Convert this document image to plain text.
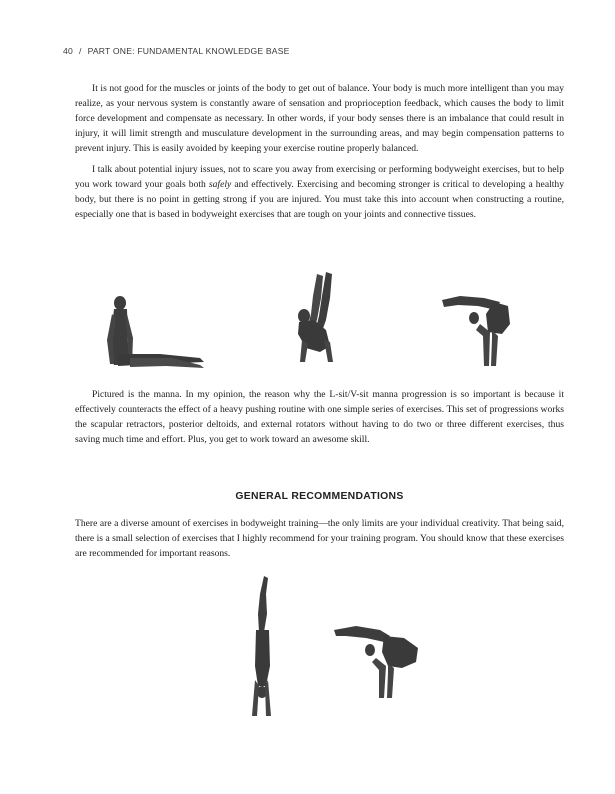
40 / PART ONE: FUNDAMENTAL KNOWLEDGE BASE

It is not good for the muscles or joints of the body to get out of balance. Your body is much more intelligent than you may realize, as your nervous system is constantly aware of sensation and proprioception feedback, which causes the body to limit force development and compensate as necessary. In other words, if your body senses there is an imbalance that could result in injury, it will limit strength and musculature development in the surrounding areas, and may begin compensation patterns to prevent injury. This is easily avoided by keeping your exercise routine properly balanced.

I talk about potential injury issues, not to scare you away from exercising or performing bodyweight exercises, but to help you work toward your goals both safely and effectively. Exercising and becoming stronger is critical to developing a healthy body, but there is no point in getting strong if you are injured. You must take this into account when constructing a routine, especially one that is based in bodyweight exercises that are tough on your joints and connective tissues.

Pictured is the manna. In my opinion, the reason why the L-sit/V-sit manna progression is so important is because it effectively counteracts the effect of a heavy pushing routine with one simple series of exercises. This set of progressions works the scapular retractors, posterior deltoids, and external rotators without having to do two or three different exercises, thus saving much time and effort. Plus, you get to work toward an awesome skill.

GENERAL RECOMMENDATIONS

There are a diverse amount of exercises in bodyweight training—the only limits are your individual creativity. That being said, there is a small selection of exercises that I highly recommend for your training program. You should know that these exercises are recommended for important reasons.
